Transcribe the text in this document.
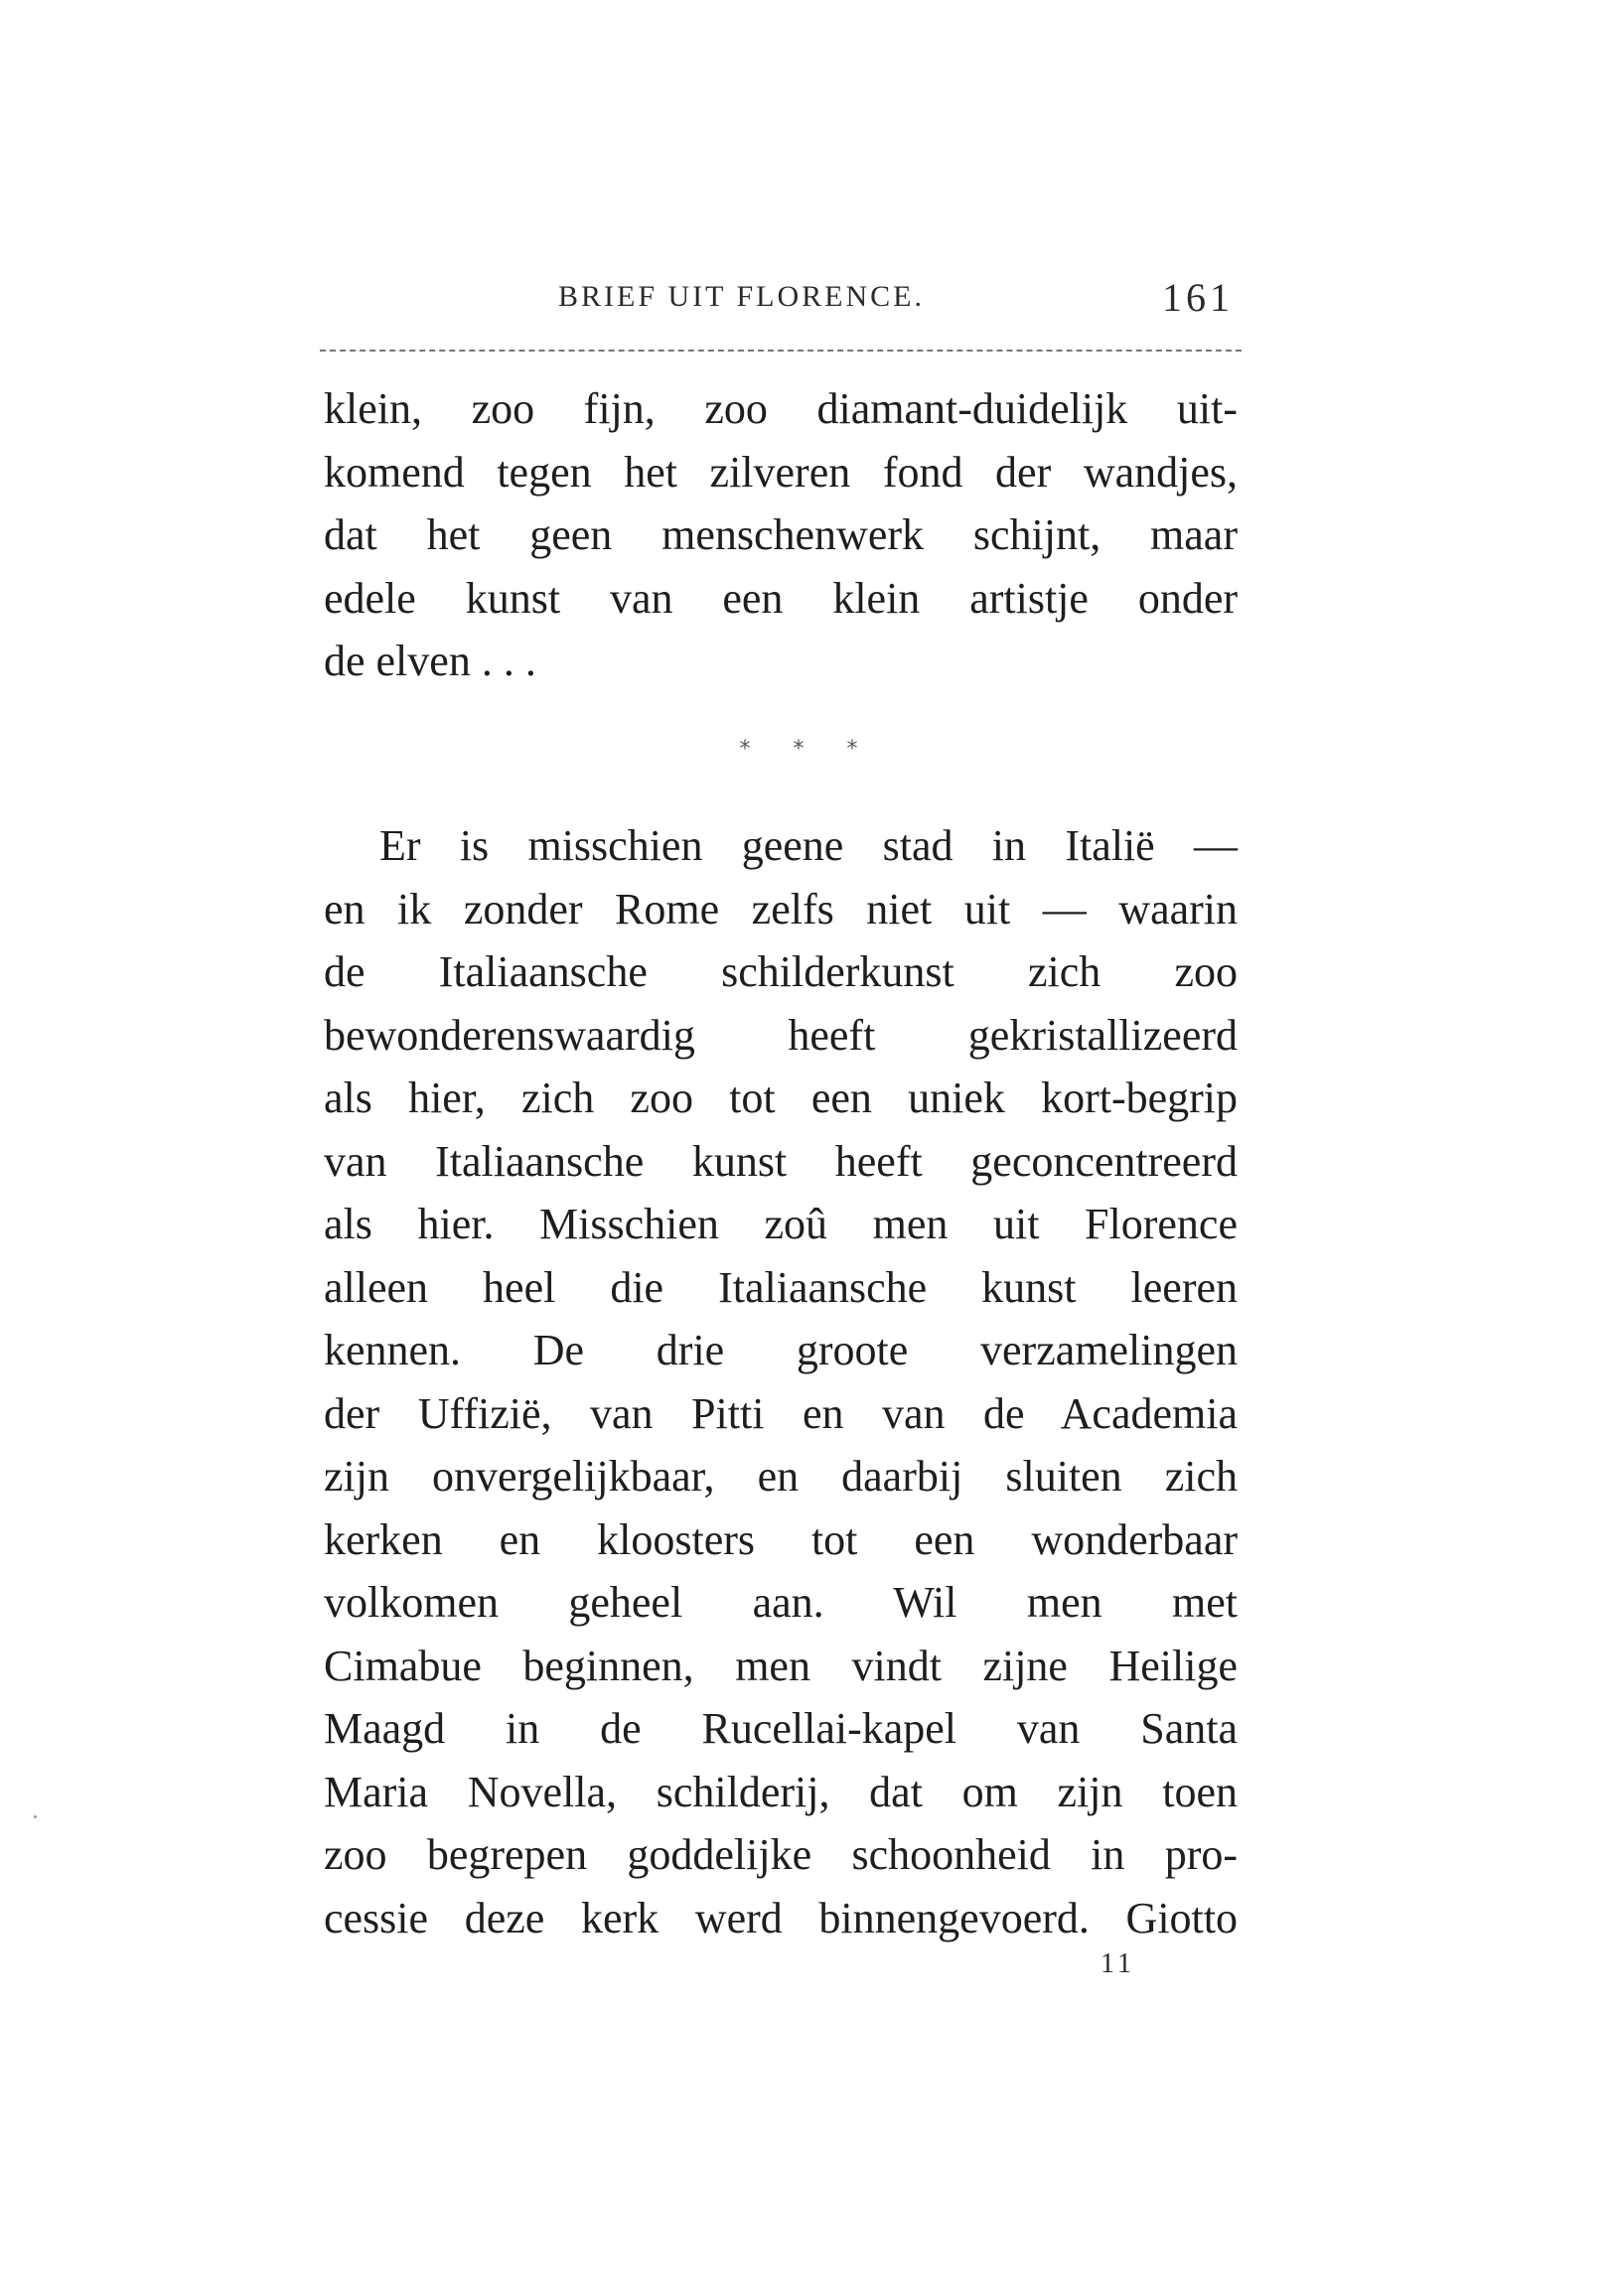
BRIEF UIT FLORENCE.	161
klein, zoo fijn, zoo diamant-duidelijk uit-
komend tegen het zilveren fond der wandjes,
dat het geen menschenwerk schijnt, maar
edele kunst van een klein artistje onder
de elven . . .
* * *
Er is misschien geene stad in Italië —
en ik zonder Rome zelfs niet uit — waarin
de Italiaansche schilderkunst zich zoo
bewonderenswaardig heeft gekristallizeerd
als hier, zich zoo tot een uniek kort-begrip
van Italiaansche kunst heeft geconcentreerd
als hier. Misschien zoû men uit Florence
alleen heel die Italiaansche kunst leeren
kennen. De drie groote verzamelingen
der Uffizië, van Pitti en van de Academia
zijn onvergelijkbaar, en daarbij sluiten zich
kerken en kloosters tot een wonderbaar
volkomen geheel aan. Wil men met
Cimabue beginnen, men vindt zijne Heilige
Maagd in de Rucellai-kapel van Santa
Maria Novella, schilderij, dat om zijn toen
zoo begrepen goddelijke schoonheid in pro-
cessie deze kerk werd binnengevoerd. Giotto
11
